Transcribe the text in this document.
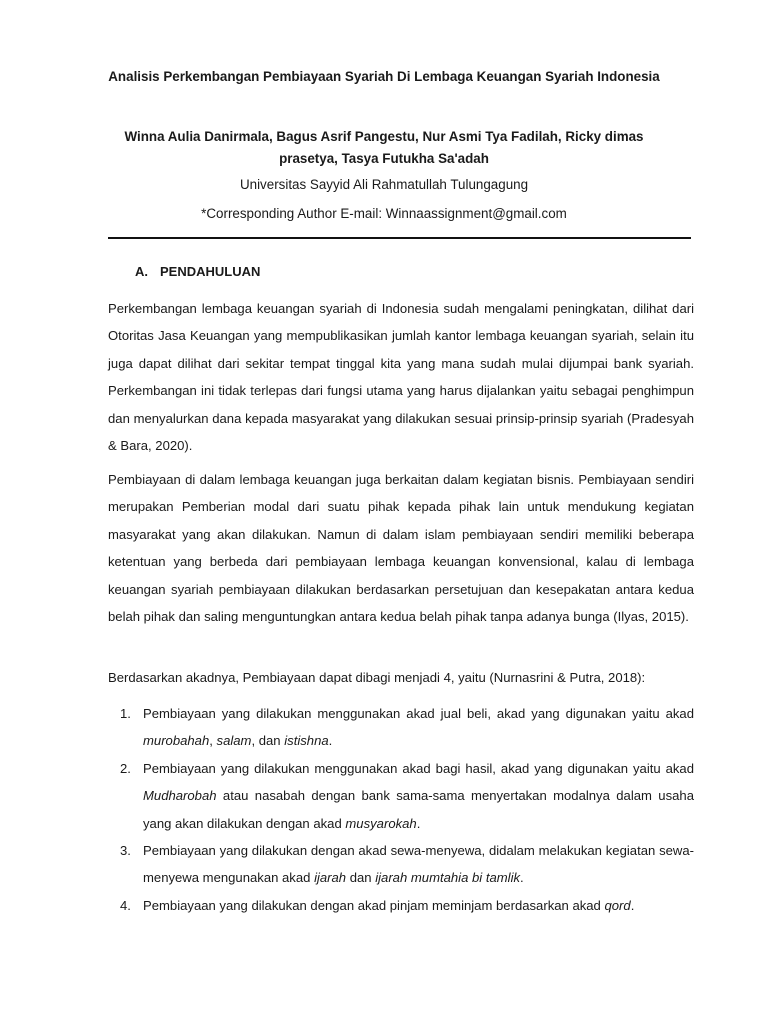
Analisis Perkembangan Pembiayaan Syariah Di Lembaga Keuangan Syariah Indonesia
Winna Aulia Danirmala, Bagus Asrif Pangestu, Nur Asmi Tya Fadilah, Ricky dimas prasetya, Tasya Futukha Sa'adah
Universitas Sayyid Ali Rahmatullah Tulungagung
*Corresponding Author E-mail: Winnaassignment@gmail.com
A. PENDAHULUAN

Perkembangan lembaga keuangan syariah di Indonesia sudah mengalami peningkatan, dilihat dari Otoritas Jasa Keuangan yang mempublikasikan jumlah kantor lembaga keuangan syariah, selain itu juga dapat dilihat dari sekitar tempat tinggal kita yang mana sudah mulai dijumpai bank syariah. Perkembangan ini tidak terlepas dari fungsi utama yang harus dijalankan yaitu sebagai penghimpun dan menyalurkan dana kepada masyarakat yang dilakukan sesuai prinsip-prinsip syariah (Pradesyah & Bara, 2020).

Pembiayaan di dalam lembaga keuangan juga berkaitan dalam kegiatan bisnis. Pembiayaan sendiri merupakan Pemberian modal dari suatu pihak kepada pihak lain untuk mendukung kegiatan masyarakat yang akan dilakukan. Namun di dalam islam pembiayaan sendiri memiliki beberapa ketentuan yang berbeda dari pembiayaan lembaga keuangan konvensional, kalau di lembaga keuangan syariah pembiayaan dilakukan berdasarkan persetujuan dan kesepakatan antara kedua belah pihak dan saling menguntungkan antara kedua belah pihak tanpa adanya bunga (Ilyas, 2015).

Berdasarkan akadnya, Pembiayaan dapat dibagi menjadi 4, yaitu (Nurnasrini & Putra, 2018):

1. Pembiayaan yang dilakukan menggunakan akad jual beli, akad yang digunakan yaitu akad murobahah, salam, dan istishna.
2. Pembiayaan yang dilakukan menggunakan akad bagi hasil, akad yang digunakan yaitu akad Mudharobah atau nasabah dengan bank sama-sama menyertakan modalnya dalam usaha yang akan dilakukan dengan akad musyarokah.
3. Pembiayaan yang dilakukan dengan akad sewa-menyewa, didalam melakukan kegiatan sewa-menyewa mengunakan akad ijarah dan ijarah mumtahia bi tamlik.
4. Pembiayaan yang dilakukan dengan akad pinjam meminjam berdasarkan akad qord.
